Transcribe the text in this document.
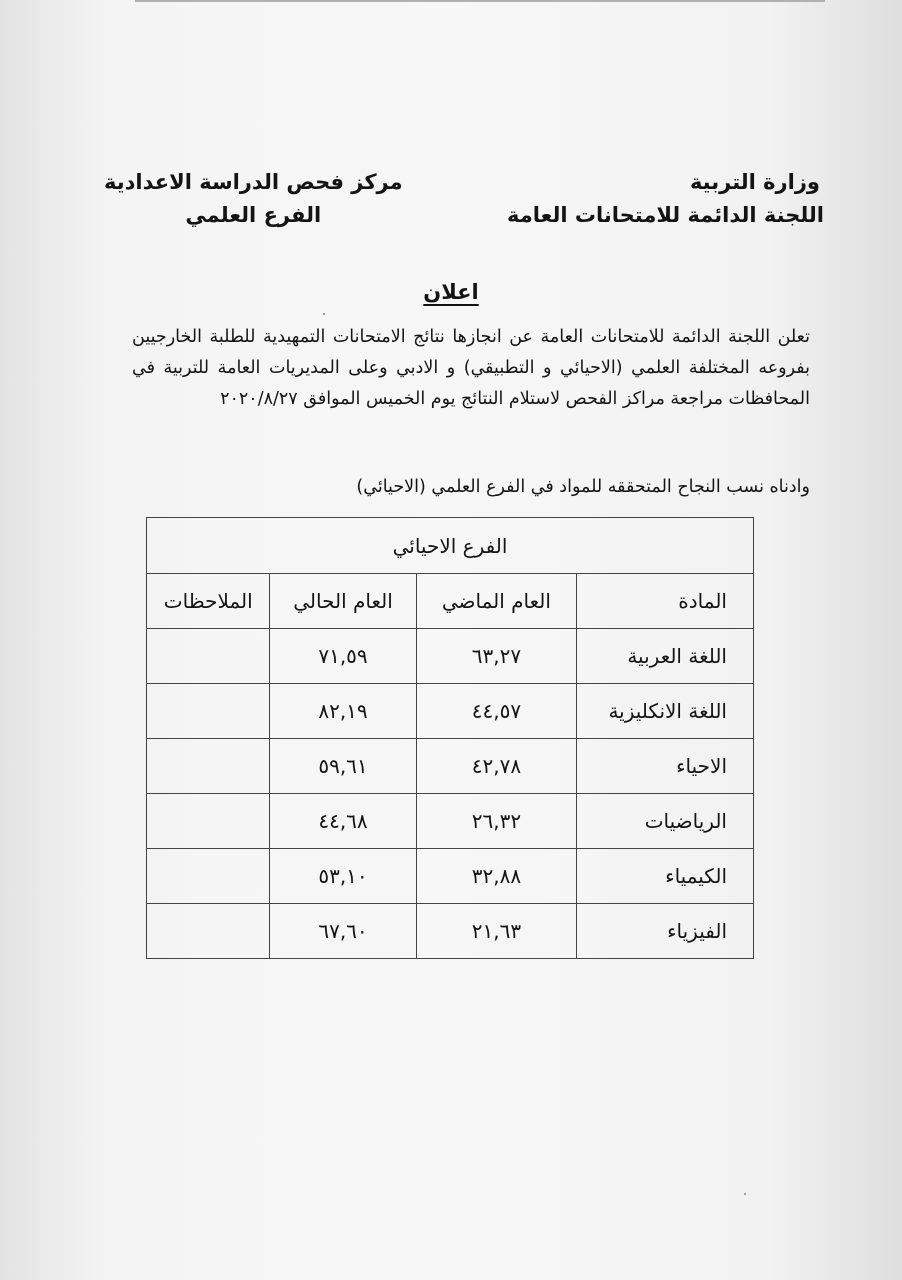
وزارة التربية
اللجنة الدائمة للامتحانات العامة
مركز فحص الدراسة الاعدادية
الفرع العلمي
اعلان
تعلن اللجنة الدائمة للامتحانات العامة عن انجازها نتائج الامتحانات التمهيدية للطلبة الخارجيين بفروعه المختلفة العلمي (الاحيائي و التطبيقي) و الادبي وعلى المديريات العامة للتربية في المحافظات مراجعة مراكز الفحص لاستلام النتائج يوم الخميس الموافق ٢٠٢٠/٨/٢٧
وادناه نسب النجاح المتحققه للمواد في الفرع العلمي (الاحيائي)
الفرع الاحيائي			
المادة	العام الماضي	العام الحالي	الملاحظات
اللغة العربية	٦٣,٢٧	٧١,٥٩	
اللغة الانكليزية	٤٤,٥٧	٨٢,١٩	
الاحياء	٤٢,٧٨	٥٩,٦١	
الرياضيات	٢٦,٣٢	٤٤,٦٨	
الكيمياء	٣٢,٨٨	٥٣,١٠	
الفيزياء	٢١,٦٣	٦٧,٦٠	
